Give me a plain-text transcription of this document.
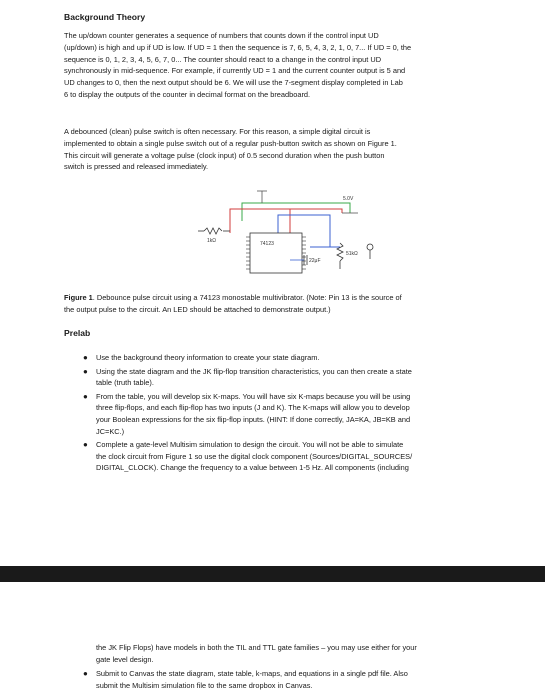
Background Theory

The up/down counter generates a sequence of numbers that counts down if the control input UD

(up/down) is high and up if UD is low. If UD = 1 then the sequence is 7, 6, 5, 4, 3, 2, 1, 0, 7... If UD = 0, the

sequence is 0, 1, 2, 3, 4, 5, 6, 7, 0... The counter should react to a change in the control input UD

synchronously in mid-sequence. For example, if currently UD = 1 and the current counter output is 5 and

UD changes to 0, then the next output should be 6. We will use the 7-segment display completed in Lab

6 to display the outputs of the counter in decimal format on the breadboard.

A debounced (clean) pulse switch is often necessary. For this reason, a simple digital circuit is

implemented to obtain a single pulse switch out of a regular push-button switch as shown on Figure 1.

This circuit will generate a voltage pulse (clock input) of 0.5 second duration when the push button

switch is pressed and released immediately.

5.0V
1kΩ	74123
22μF
51kΩ

Figure 1. Debounce pulse circuit using a 74123 monostable multivibrator. (Note: Pin 13 is the source of

the output pulse to the circuit. An LED should be attached to demonstrate output.)

Prelab
● Use the background theory information to create your state diagram.

● Using the state diagram and the JK flip-flop transition characteristics, you can then create a state

table (truth table).

● From the table, you will develop six K-maps. You will have six K-maps because you will be using

three flip-flops, and each flip-flop has two inputs (J and K). The K-maps will allow you to develop

your Boolean expressions for the six flip-flop inputs. (HINT: If done correctly, JA=KA, JB=KB and

JC=KC.)

● Complete a gate-level Multisim simulation to design the circuit. You will not be able to simulate

the clock circuit from Figure 1 so use the digital clock component (Sources/DIGITAL_SOURCES/

DIGITAL_CLOCK). Change the frequency to a value between 1-5 Hz. All components (including

the JK Flip Flops) have models in both the TIL and TTL gate families – you may use either for your

gate level design.

● Submit to Canvas the state diagram, state table, k-maps, and equations in a single pdf file. Also

submit the Multisim simulation file to the same dropbox in Canvas.
